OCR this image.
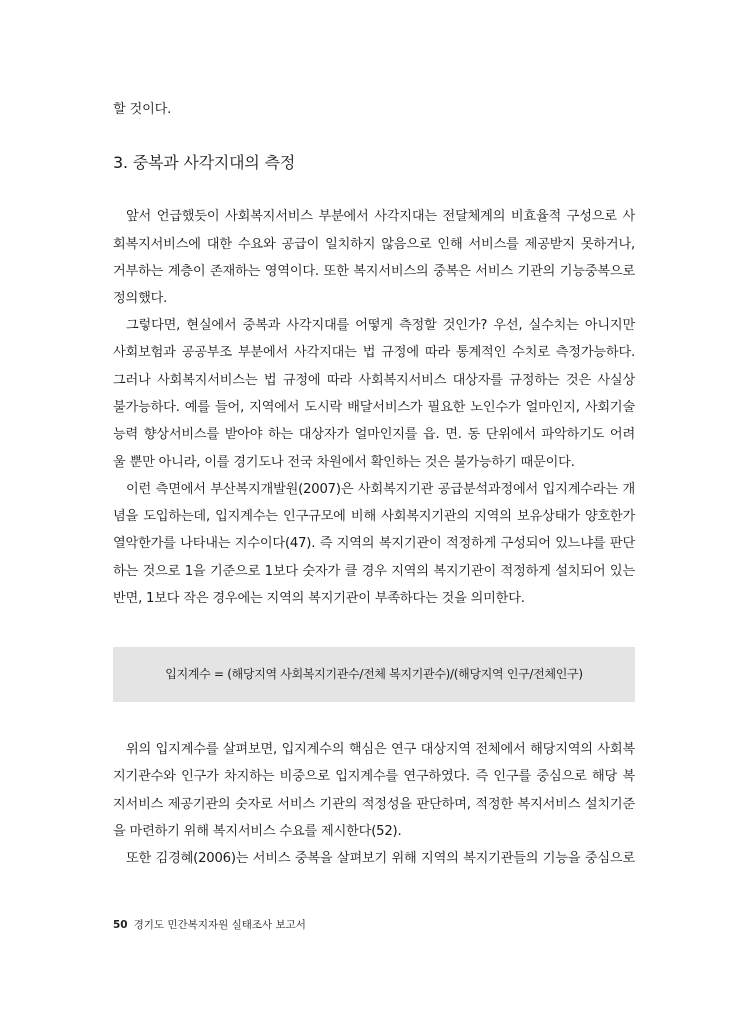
할 것이다.
3. 중복과 사각지대의 측정
앞서 언급했듯이 사회복지서비스 부분에서 사각지대는 전달체계의 비효율적 구성으로 사
회복지서비스에 대한 수요와 공급이 일치하지 않음으로 인해 서비스를 제공받지 못하거나,
거부하는 계층이 존재하는 영역이다. 또한 복지서비스의 중복은 서비스 기관의 기능중복으로
정의했다.
그렇다면, 현실에서 중복과 사각지대를 어떻게 측정할 것인가? 우선, 실수치는 아니지만
사회보험과 공공부조 부분에서 사각지대는 법 규정에 따라 통계적인 수치로 측정가능하다.
그러나 사회복지서비스는 법 규정에 따라 사회복지서비스 대상자를 규정하는 것은 사실상
불가능하다. 예를 들어, 지역에서 도시락 배달서비스가 필요한 노인수가 얼마인지, 사회기술
능력 향상서비스를 받아야 하는 대상자가 얼마인지를 읍. 면. 동 단위에서 파악하기도 어려
울 뿐만 아니라, 이를 경기도나 전국 차원에서 확인하는 것은 불가능하기 때문이다.
이런 측면에서 부산복지개발원(2007)은 사회복지기관 공급분석과정에서 입지계수라는 개
념을 도입하는데, 입지계수는 인구규모에 비해 사회복지기관의 지역의 보유상태가 양호한가
열악한가를 나타내는 지수이다(47). 즉 지역의 복지기관이 적정하게 구성되어 있느냐를 판단
하는 것으로 1을 기준으로 1보다 숫자가 클 경우 지역의 복지기관이 적정하게 설치되어 있는
반면, 1보다 작은 경우에는 지역의 복지기관이 부족하다는 것을 의미한다.
입지계수 = (해당지역 사회복지기관수/전체 복지기관수)/(해당지역 인구/전체인구)
위의 입지계수를 살펴보면, 입지계수의 핵심은 연구 대상지역 전체에서 해당지역의 사회복
지기관수와 인구가 차지하는 비중으로 입지계수를 연구하였다. 즉 인구를 중심으로 해당 복
지서비스 제공기관의 숫자로 서비스 기관의 적정성을 판단하며, 적정한 복지서비스 설치기준
을 마련하기 위해 복지서비스 수요를 제시한다(52).
또한 김경혜(2006)는 서비스 중복을 살펴보기 위해 지역의 복지기관들의 기능을 중심으로
50 경기도 민간복지자원 실태조사 보고서
